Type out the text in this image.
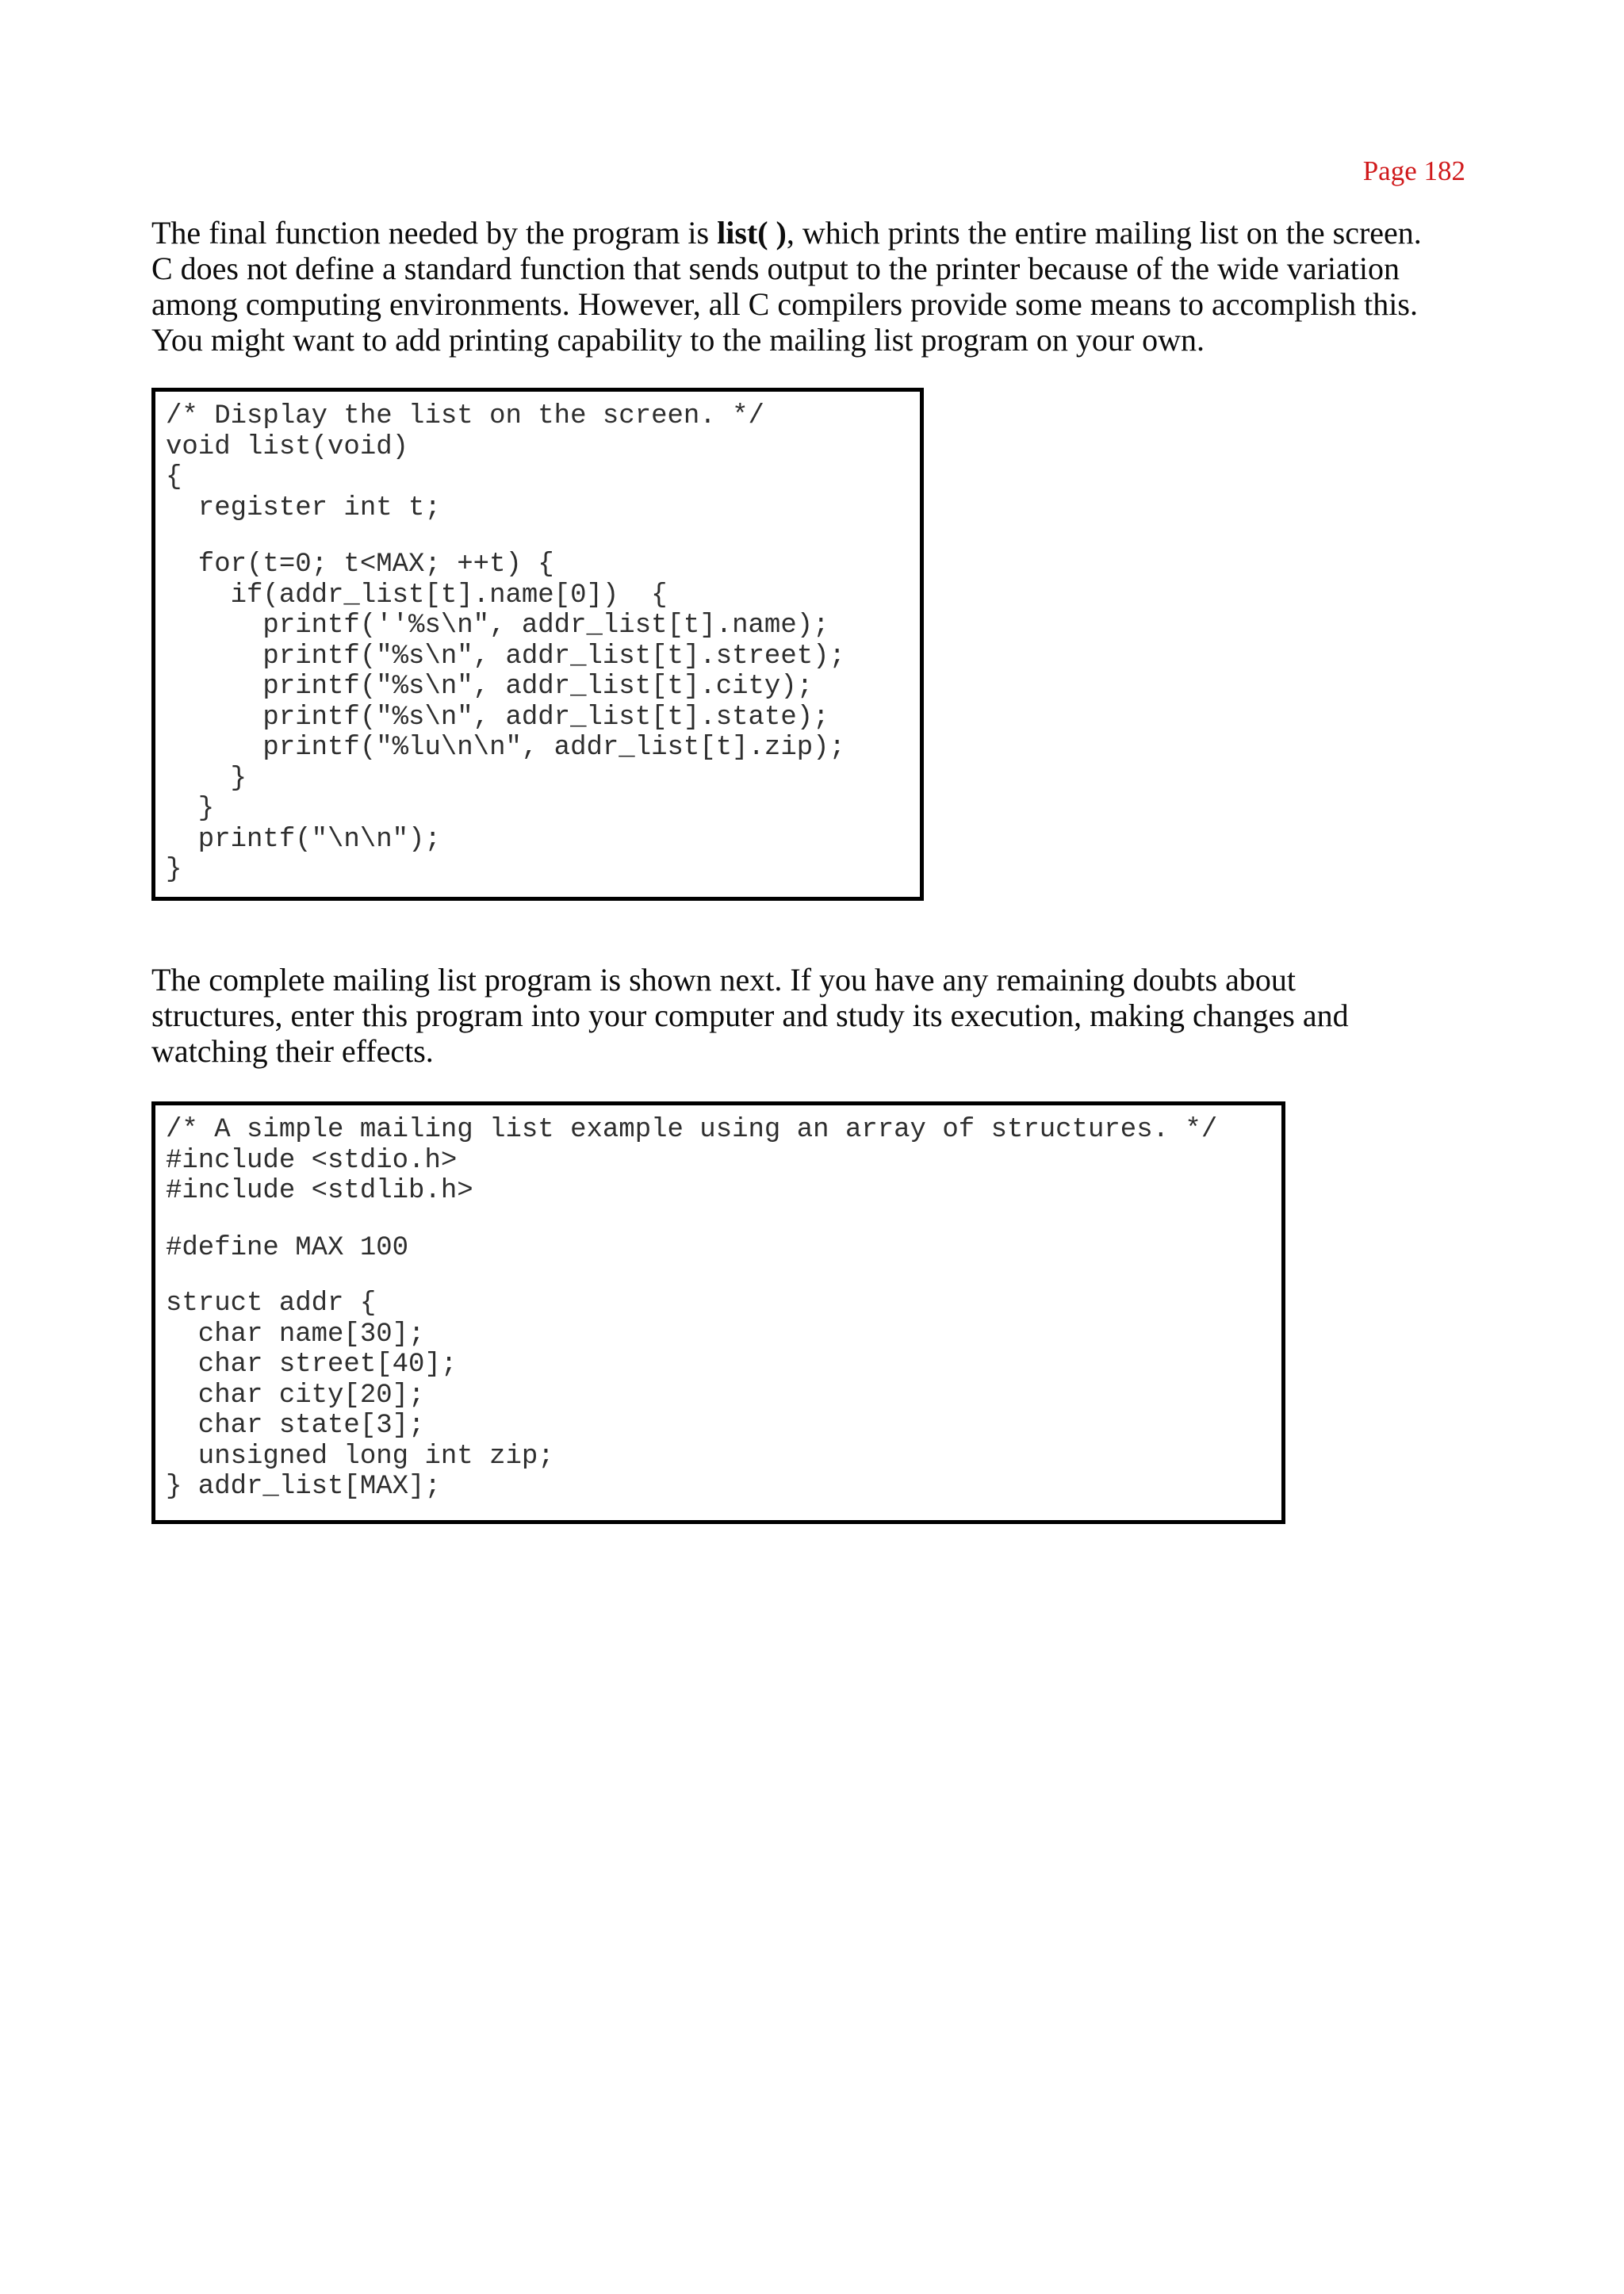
Page 182
The final function needed by the program is list( ), which prints the entire mailing list on the screen.
C does not define a standard function that sends output to the printer because of the wide variation
among computing environments. However, all C compilers provide some means to accomplish this.
You might want to add printing capability to the mailing list program on your own.
/* Display the list on the screen. */
void list(void)
{
register int t;
for(t=0; t<MAX; ++t) {
if(addr_list[t].name[0])  {
printf(''%s\n", addr_list[t].name);
printf("%s\n", addr_list[t].street);
printf("%s\n", addr_list[t].city);
printf("%s\n", addr_list[t].state);
printf("%lu\n\n", addr_list[t].zip);
}
}
printf("\n\n");
}
The complete mailing list program is shown next. If you have any remaining doubts about
structures, enter this program into your computer and study its execution, making changes and
watching their effects.
/* A simple mailing list example using an array of structures. */
#include <stdio.h>
#include <stdlib.h>
#define MAX 100
struct addr {
char name[30];
char street[40];
char city[20];
char state[3];
unsigned long int zip;
} addr_list[MAX];
